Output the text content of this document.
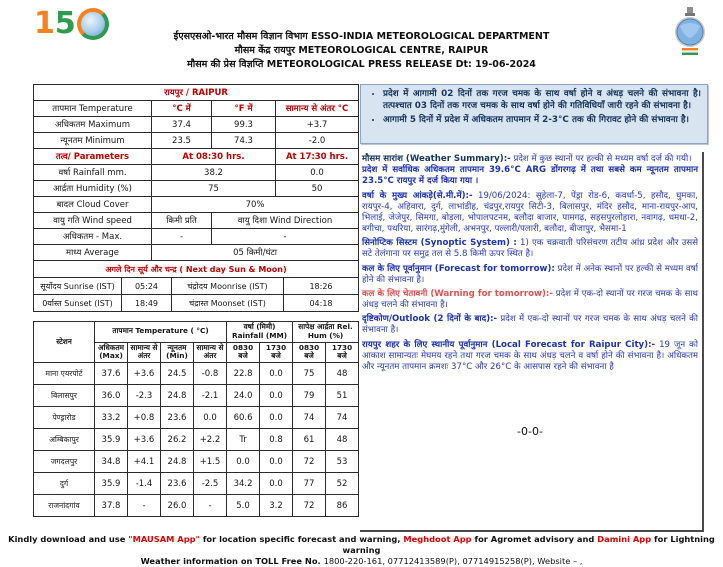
1 5	ईएसएसओ-भारत मौसम विज्ञान विभाग ESSO-INDIA METEOROLOGICAL DEPARTMENT
मौसम केंद्र रायपुर METEOROLOGICAL CENTRE, RAIPUR
मौसम की प्रेस विज्ञप्ति METEOROLOGICAL PRESS RELEASE Dt: 19-06-2024
रायपुर / RAIPUR			
तापमान Temperature	°C में	°F में	सामान्य से अंतर °C
अधिकतम Maximum	37.4	99.3	+3.7
न्यूनतम Minimum	23.5	74.3	-2.0
तत्व/ Parameters	At 08:30 hrs.		At 17:30 hrs.
वर्षा Rainfall mm.	38.2		0.0
आर्द्रता Humidity (%)	75		50
बादल Cloud Cover	70%		
वायु गति Wind speed	किमी प्रति	वायु दिशा Wind Direction	
अधिकतम - Max.	-	-	
माध्य Average	05 किमी/घंटा		
अगले दिन सूर्य और चन्द्र ( Next day Sun & Moon)			
सूर्योदय Sunrise (IST)	05:24	चंद्रोदय Moonrise (IST)	18:26
0र्यास्त Sunset (IST)	18:49	चंद्रास्त Moonset (IST)	04:18
स्टेशन	तापमान Temperature ( °C)				वर्षा (मिमी) Rainfall (MM)		सापेक्ष आर्द्रता Rel. Hum (%)	
	अधिकतम (Max)	सामान्य से अंतर	न्यूनतम (Min)	सामान्य से अंतर	0830 बजे	1730 बजे	0830 बजे	1730 बजे
माना एयरपोर्ट	37.6	+3.6	24.5	-0.8	22.8	0.0	75	48
बिलासपुर	36.0	-2.3	24.8	-2.1	24.0	0.0	79	51
पेण्ड्रारोड	33.2	+0.8	23.6	0.0	60.6	0.0	74	74
अम्बिकापुर	35.9	+3.6	26.2	+2.2	Tr	0.8	61	48
जगदलपुर	34.8	+4.1	24.8	+1.5	0.0	0.0	72	53
दुर्ग	35.9	-1.4	23.6	-2.5	34.2	0.0	77	52
राजनांदगांव	37.8	-	26.0	-	5.0	3.2	72	86
• प्रदेश में आगामी 02 दिनों तक गरज चमक के साथ वर्षा होने व अंधड़ चलने की संभावना है। तत्पश्चात 03 दिनों तक गरज चमक के साथ वर्षा होने की गतिविधियाँ जारी रहने की संभावना है।
• आगामी 5 दिनों में प्रदेश में अधिकतम तापमान में 2-3°C तक की गिरावट होने की संभावना है।

मौसम सारांश (Weather Summary):- प्रदेश में कुछ स्थानों पर हल्की से मध्यम वर्षा दर्ज की गयी।
प्रदेश में सर्वाधिक अधिकतम तापमान 39.6°C ARG डोंगरगढ़ में तथा सबसे कम न्यूनतम तापमान 23.5°C रायपुर में दर्ज किया गया ।

वर्षा के मुख्य आंकड़े(से.मी.में):- 19/06/2024: सुहेला-7, पेंड्रा रोड-6, कवर्धा-5, हसौद, घुमका, रायपुर-4, अहिवारा, दुर्ग, लाभांडीह, चंद्रपुर,रायपुर सिटी-3, बिलासपुर, मंदिर हसौद, माना-रायपुर-आप, भिलाई, जेजेपुर, सिमगा, बोड़ला, भोपालपटनम, बलौदा बाजार, पामगढ़, सहसपुरलोहारा, नवागढ़, धमधा-2, बगीचा, पथरिया, सारंगढ़,मुंगेली, अभनपुर, पल्लारी/पलारी, बलौदा, बीजापुर, भैसमा-1

सिनोप्टिक सिस्टम (Synoptic System) : 1) एक चक्रवाती परिसंचरण तटीय आंध्र प्रदेश और उससे सटे तेलंगाना पर समुद्र तल से 5.8 किमी ऊपर स्थित है।

कल के लिए पूर्वानुमान (Forecast for tomorrow): प्रदेश में अनेक स्थानों पर हल्की से मध्यम वर्षा होने की संभावना है।

कल के लिए चेतावनी (Warning for tomorrow):- प्रदेश में एक-दो स्थानों पर गरज चमक के साथ अंधड़ चलने की संभावना है।

दृष्टिकोण/Outlook (2 दिनों के बाद):- प्रदेश में एक-दो स्थानों पर गरज चमक के साथ अंधड़ चलने की संभावना है।

रायपुर शहर के लिए स्थानीय पूर्वानुमान (Local Forecast for Raipur City):- 19 जून को आकाश सामान्यतः मेघमय रहने तथा गरज चमक के साथ अंधड़ चलने व वर्षा होने की संभावना है। अधिकतम और न्यूनतम तापमान क्रमशः 37°C और 26°C के आसपास रहने की संभावना है

-0-0-
Kindly download and use "MAUSAM App" for location specific forecast and warning, Meghdoot App for Agromet advisory and Damini App for Lightning warning
Weather information on TOLL Free No. 1800-220-161, 07712413589(P), 07714915258(P), Website – ,
